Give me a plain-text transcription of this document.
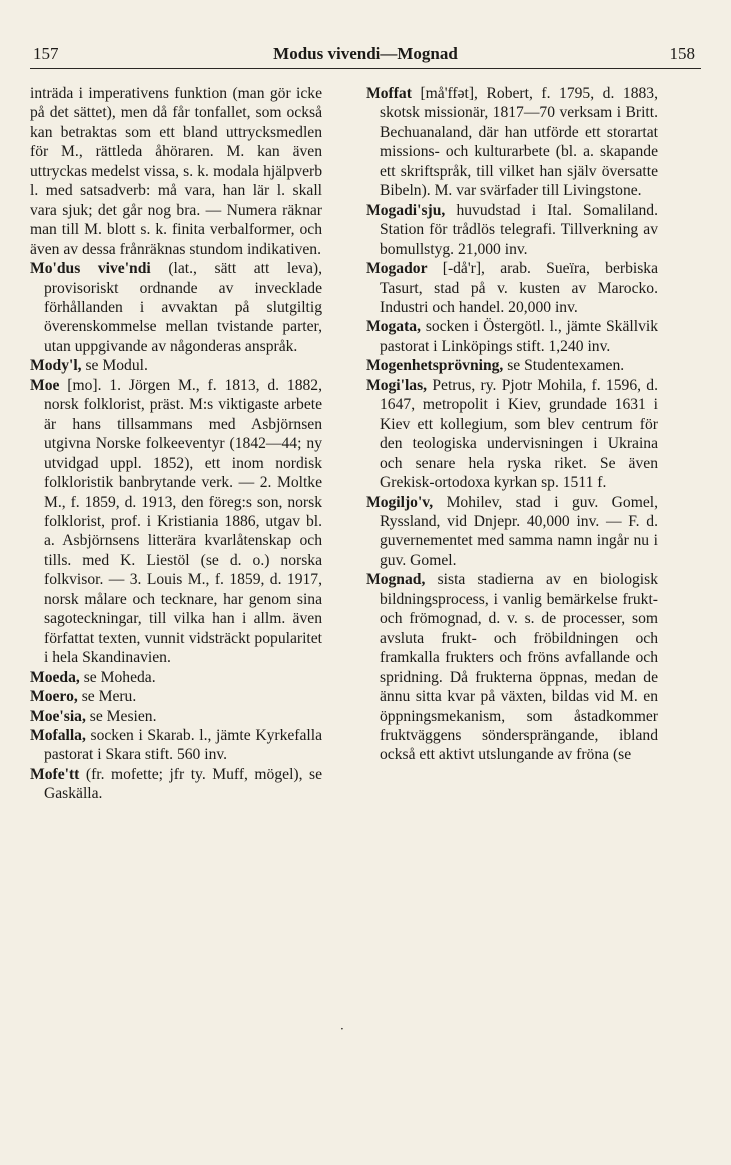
157	Modus vivendi—Mognad	158

inträda i imperativens funktion (man gör icke på det sättet), men då får tonfallet, som också kan betraktas som ett bland uttrycksmedlen för M., rättleda åhöraren. M. kan även uttryckas medelst vissa, s. k. modala hjälpverb l. med satsadverb: må vara, han lär l. skall vara sjuk; det går nog bra. — Numera räknar man till M. blott s. k. finita verbalformer, och även av dessa frånräknas stundom indikativen.

Mo'dus vive'ndi (lat., sätt att leva), provisoriskt ordnande av invecklade förhållanden i avvaktan på slutgiltig överenskommelse mellan tvistande parter, utan uppgivande av någonderas anspråk.

Mody'l, se Modul.

Moe [mo]. 1. Jörgen M., f. 1813, d. 1882, norsk folklorist, präst. M:s viktigaste arbete är hans tillsammans med Asbjörnsen utgivna Norske folkeeventyr (1842—44; ny utvidgad uppl. 1852), ett inom nordisk folkloristik banbrytande verk. — 2. Moltke M., f. 1859, d. 1913, den föreg:s son, norsk folklorist, prof. i Kristiania 1886, utgav bl. a. Asbjörnsens litterära kvarlåtenskap och tills. med K. Liestöl (se d. o.) norska folkvisor. — 3. Louis M., f. 1859, d. 1917, norsk målare och tecknare, har genom sina sagoteckningar, till vilka han i allm. även författat texten, vunnit vidsträckt popularitet i hela Skandinavien.

Moeda, se Moheda.

Moero, se Meru.

Moe'sia, se Mesien.

Mofalla, socken i Skarab. l., jämte Kyrkefalla pastorat i Skara stift. 560 inv.

Mofe'tt (fr. mofette; jfr ty. Muff, mögel), se Gaskälla.

Moffat [må'ffət], Robert, f. 1795, d. 1883, skotsk missionär, 1817—70 verksam i Britt. Bechuanaland, där han utförde ett storartat missions- och kulturarbete (bl. a. skapande ett skriftspråk, till vilket han själv översatte Bibeln). M. var svärfader till Livingstone.

Mogadi'sju, huvudstad i Ital. Somaliland. Station för trådlös telegrafi. Tillverkning av bomullstyg. 21,000 inv.

Mogador [-då'r], arab. Sueïra, berbiska Tasurt, stad på v. kusten av Marocko. Industri och handel. 20,000 inv.

Mogata, socken i Östergötl. l., jämte Skällvik pastorat i Linköpings stift. 1,240 inv.

Mogenhetsprövning, se Studentexamen.

Mogi'las, Petrus, ry. Pjotr Mohila, f. 1596, d. 1647, metropolit i Kiev, grundade 1631 i Kiev ett kollegium, som blev centrum för den teologiska undervisningen i Ukraina och senare hela ryska riket. Se även Grekisk-ortodoxa kyrkan sp. 1511 f.

Mogiljo'v, Mohilev, stad i guv. Gomel, Ryssland, vid Dnjepr. 40,000 inv. — F. d. guvernementet med samma namn ingår nu i guv. Gomel.

Mognad, sista stadierna av en biologisk bildningsprocess, i vanlig bemärkelse frukt- och frömognad, d. v. s. de processer, som avsluta frukt- och fröbildningen och framkalla frukters och fröns avfallande och spridning. Då frukterna öppnas, medan de ännu sitta kvar på växten, bildas vid M. en öppningsmekanism, som åstadkommer fruktväggens söndersprängande, ibland också ett aktivt utslungande av fröna (se

·
